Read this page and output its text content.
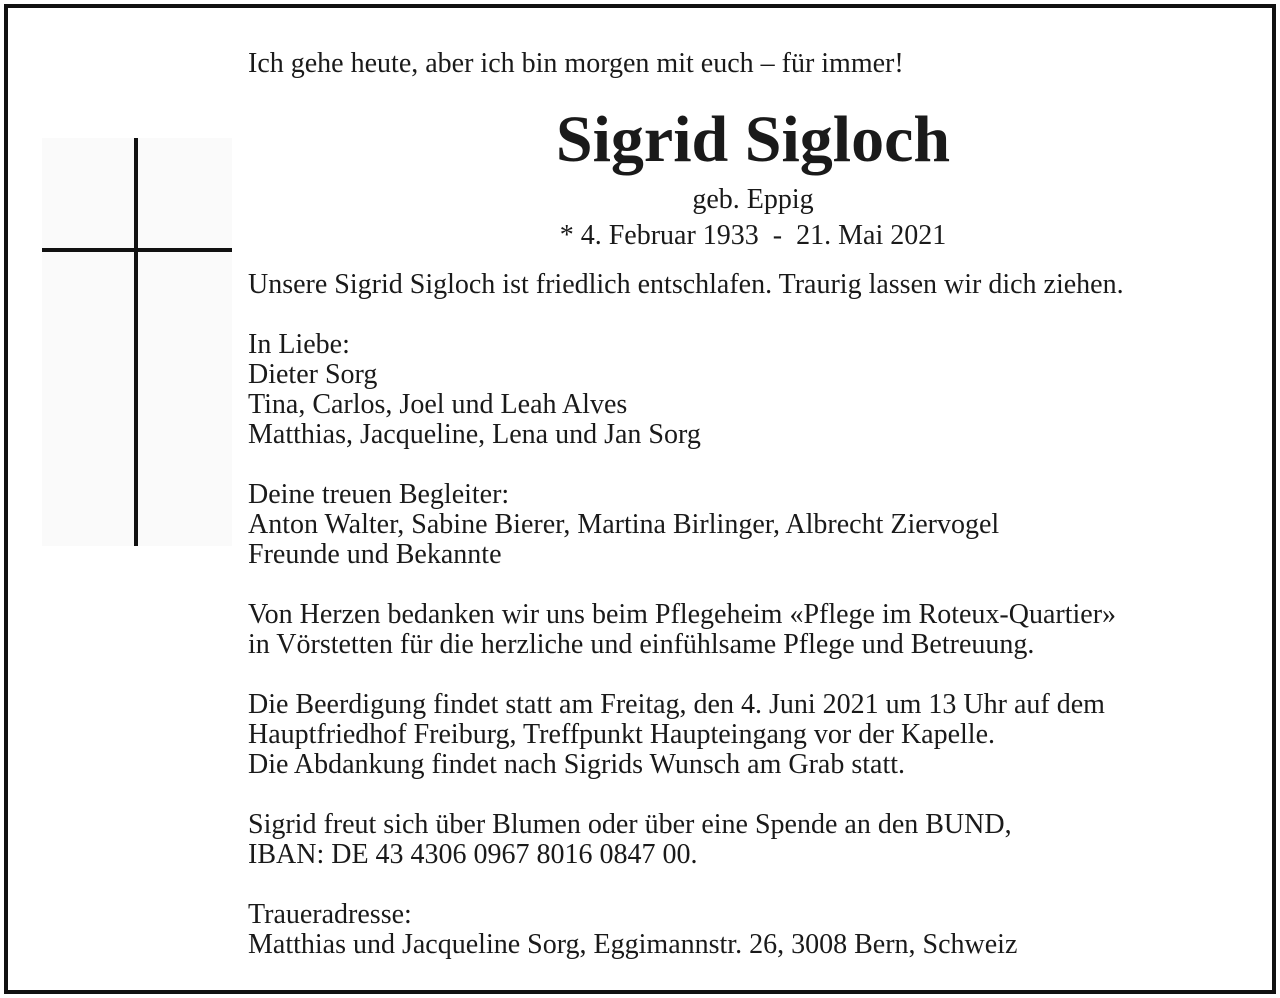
Ich gehe heute, aber ich bin morgen mit euch – für immer!
Sigrid Sigloch
geb. Eppig
* 4. Februar 1933  -  21. Mai 2021
Unsere Sigrid Sigloch ist friedlich entschlafen. Traurig lassen wir dich ziehen.
In Liebe:
Dieter Sorg
Tina, Carlos, Joel und Leah Alves
Matthias, Jacqueline, Lena und Jan Sorg
Deine treuen Begleiter:
Anton Walter, Sabine Bierer, Martina Birlinger, Albrecht Ziervogel
Freunde und Bekannte
Von Herzen bedanken wir uns beim Pflegeheim «Pflege im Roteux-Quartier»
in Vörstetten für die herzliche und einfühlsame Pflege und Betreuung.
Die Beerdigung findet statt am Freitag, den 4. Juni 2021 um 13 Uhr auf dem
Hauptfriedhof Freiburg, Treffpunkt Haupteingang vor der Kapelle.
Die Abdankung findet nach Sigrids Wunsch am Grab statt.
Sigrid freut sich über Blumen oder über eine Spende an den BUND,
IBAN: DE 43 4306 0967 8016 0847 00.
Traueradresse:
Matthias und Jacqueline Sorg, Eggimannstr. 26, 3008 Bern, Schweiz
